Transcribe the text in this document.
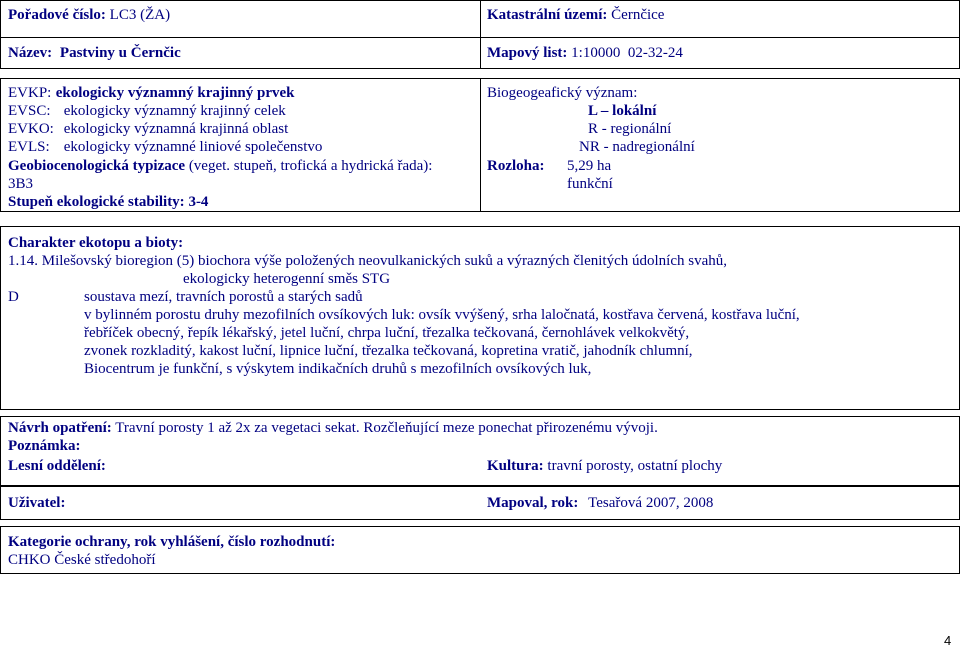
Pořadové číslo: LC3 (ŽA)	Katastrální území: Černčice
Název: Pastviny u Černčic	Mapový list: 1:10000  02-32-24
EVKP: ekologicky významný krajinný prvek
EVSC: ekologicky významný krajinný celek
EVKO: ekologicky významná krajinná oblast
EVLS: ekologicky významné liniové společenstvo
Geobiocenologická typizace (veget. stupeň, trofická a hydrická řada):
3B3
Stupeň ekologické stability: 3-4
Biogeogeafický význam:
L – lokální
R - regionální
NR - nadregionální
Rozloha: 5,29 ha
funkční
Charakter ekotopu a bioty:
1.14. Milešovský bioregion (5) biochora výše položených neovulkanických suků a výrazných členitých údolních svahů,
ekologicky heterogenní směs STG
D	soustava mezí, travních porostů a starých sadů
v bylinném porostu druhy mezofilních ovsíkových luk: ovsík vvýšený, srha laločnatá, kostřava červená, kostřava luční,
řebříček obecný, řepík lékařský, jetel luční, chrpa luční, třezalka tečkovaná, černohlávek velkokvětý,
zvonek rozkladitý, kakost luční, lipnice luční, třezalka tečkovaná, kopretina vratič, jahodník chlumní,
Biocentrum je funkční, s výskytem indikačních druhů s mezofilních ovsíkových luk,
Návrh opatření: Travní porosty 1 až 2x za vegetaci sekat. Rozčleňující meze ponechat přirozenému vývoji.
Poznámka:
Lesní oddělení:	Kultura: travní porosty, ostatní plochy
Uživatel:	Mapoval, rok: Tesařová 2007, 2008
Kategorie ochrany, rok vyhlášení, číslo rozhodnutí:
CHKO České středohoří
4
